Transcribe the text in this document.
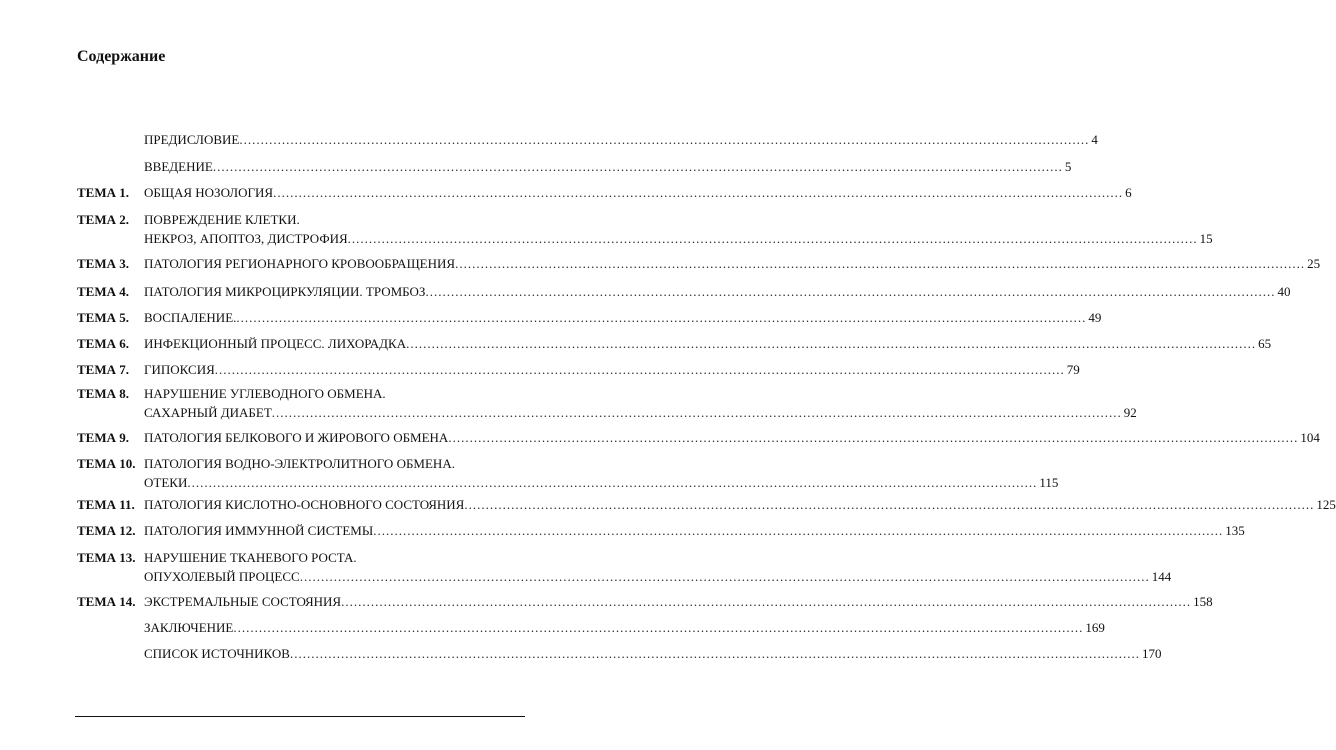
Содержание
ПРЕДИСЛОВИЕ ........................................................................................................................................................................................................ 4
ВВЕДЕНИЕ ........................................................................................................................................................................................................ 5
ТЕМА 1. ОБЩАЯ НОЗОЛОГИЯ ........................................................................................................................................................................................................ 6
ТЕМА 2. ПОВРЕЖДЕНИЕ КЛЕТКИ.
НЕКРОЗ, АПОПТОЗ, ДИСТРОФИЯ ........................................................................................................................................................................................................ 15
ТЕМА 3. ПАТОЛОГИЯ РЕГИОНАРНОГО КРОВООБРАЩЕНИЯ ........................................................................................................................................................................................................ 25
ТЕМА 4. ПАТОЛОГИЯ МИКРОЦИРКУЛЯЦИИ. ТРОМБОЗ ........................................................................................................................................................................................................ 40
ТЕМА 5. ВОСПАЛЕНИЕ. ........................................................................................................................................................................................................ 49
ТЕМА 6. ИНФЕКЦИОННЫЙ ПРОЦЕСС. ЛИХОРАДКА ........................................................................................................................................................................................................ 65
ТЕМА 7. ГИПОКСИЯ ........................................................................................................................................................................................................ 79
ТЕМА 8. НАРУШЕНИЕ УГЛЕВОДНОГО ОБМЕНА.
САХАРНЫЙ ДИАБЕТ ........................................................................................................................................................................................................ 92
ТЕМА 9. ПАТОЛОГИЯ БЕЛКОВОГО И ЖИРОВОГО ОБМЕНА ........................................................................................................................................................................................................ 104
ТЕМА 10. ПАТОЛОГИЯ ВОДНО-ЭЛЕКТРОЛИТНОГО ОБМЕНА.
ОТЕКИ ........................................................................................................................................................................................................ 115
ТЕМА 11. ПАТОЛОГИЯ КИСЛОТНО-ОСНОВНОГО СОСТОЯНИЯ ........................................................................................................................................................................................................ 125
ТЕМА 12. ПАТОЛОГИЯ ИММУННОЙ СИСТЕМЫ ........................................................................................................................................................................................................ 135
ТЕМА 13. НАРУШЕНИЕ ТКАНЕВОГО РОСТА.
ОПУХОЛЕВЫЙ ПРОЦЕСС ........................................................................................................................................................................................................ 144
ТЕМА 14. ЭКСТРЕМАЛЬНЫЕ СОСТОЯНИЯ ........................................................................................................................................................................................................ 158
ЗАКЛЮЧЕНИЕ ........................................................................................................................................................................................................ 169
СПИСОК ИСТОЧНИКОВ ........................................................................................................................................................................................................ 170
